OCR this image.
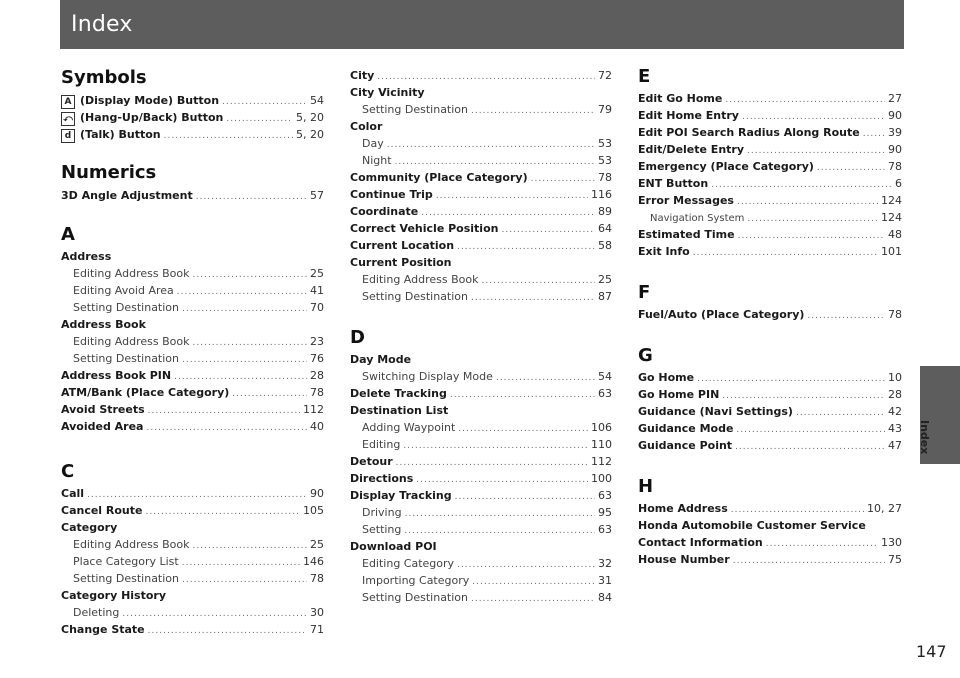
Index
Index
147
Symbols
A (Display Mode) Button .....	54
⤺ (Hang-Up/Back) Button .....	5, 20
d (Talk) Button .....	5, 20
Numerics
3D Angle Adjustment .....	57
A
Address
Editing Address Book .....	25
Editing Avoid Area .....	41
Setting Destination .....	70
Address Book
Editing Address Book .....	23
Setting Destination .....	76
Address Book PIN .....	28
ATM/Bank (Place Category) .....	78
Avoid Streets .....	112
Avoided Area .....	40
C
Call .....	90
Cancel Route .....	105
Category
Editing Address Book .....	25
Place Category List .....	146
Setting Destination .....	78
Category History
Deleting .....	30
Change State .....	71
City .....	72
City Vicinity
Setting Destination .....	79
Color
Day .....	53
Night .....	53
Community (Place Category) .....	78
Continue Trip .....	116
Coordinate .....	89
Correct Vehicle Position .....	64
Current Location .....	58
Current Position
Editing Address Book .....	25
Setting Destination .....	87
D
Day Mode
Switching Display Mode .....	54
Delete Tracking .....	63
Destination List
Adding Waypoint .....	106
Editing .....	110
Detour .....	112
Directions .....	100
Display Tracking .....	63
Driving .....	95
Setting .....	63
Download POI
Editing Category .....	32
Importing Category .....	31
Setting Destination .....	84
E
Edit Go Home .....	27
Edit Home Entry .....	90
Edit POI Search Radius Along Route .....	39
Edit/Delete Entry .....	90
Emergency (Place Category) .....	78
ENT Button .....	6
Error Messages .....	124
Navigation System .....	124
Estimated Time .....	48
Exit Info .....	101
F
Fuel/Auto (Place Category) .....	78
G
Go Home .....	10
Go Home PIN .....	28
Guidance (Navi Settings) .....	42
Guidance Mode .....	43
Guidance Point .....	47
H
Home Address .....	10, 27
Honda Automobile Customer Service
Contact Information .....	130
House Number .....	75
